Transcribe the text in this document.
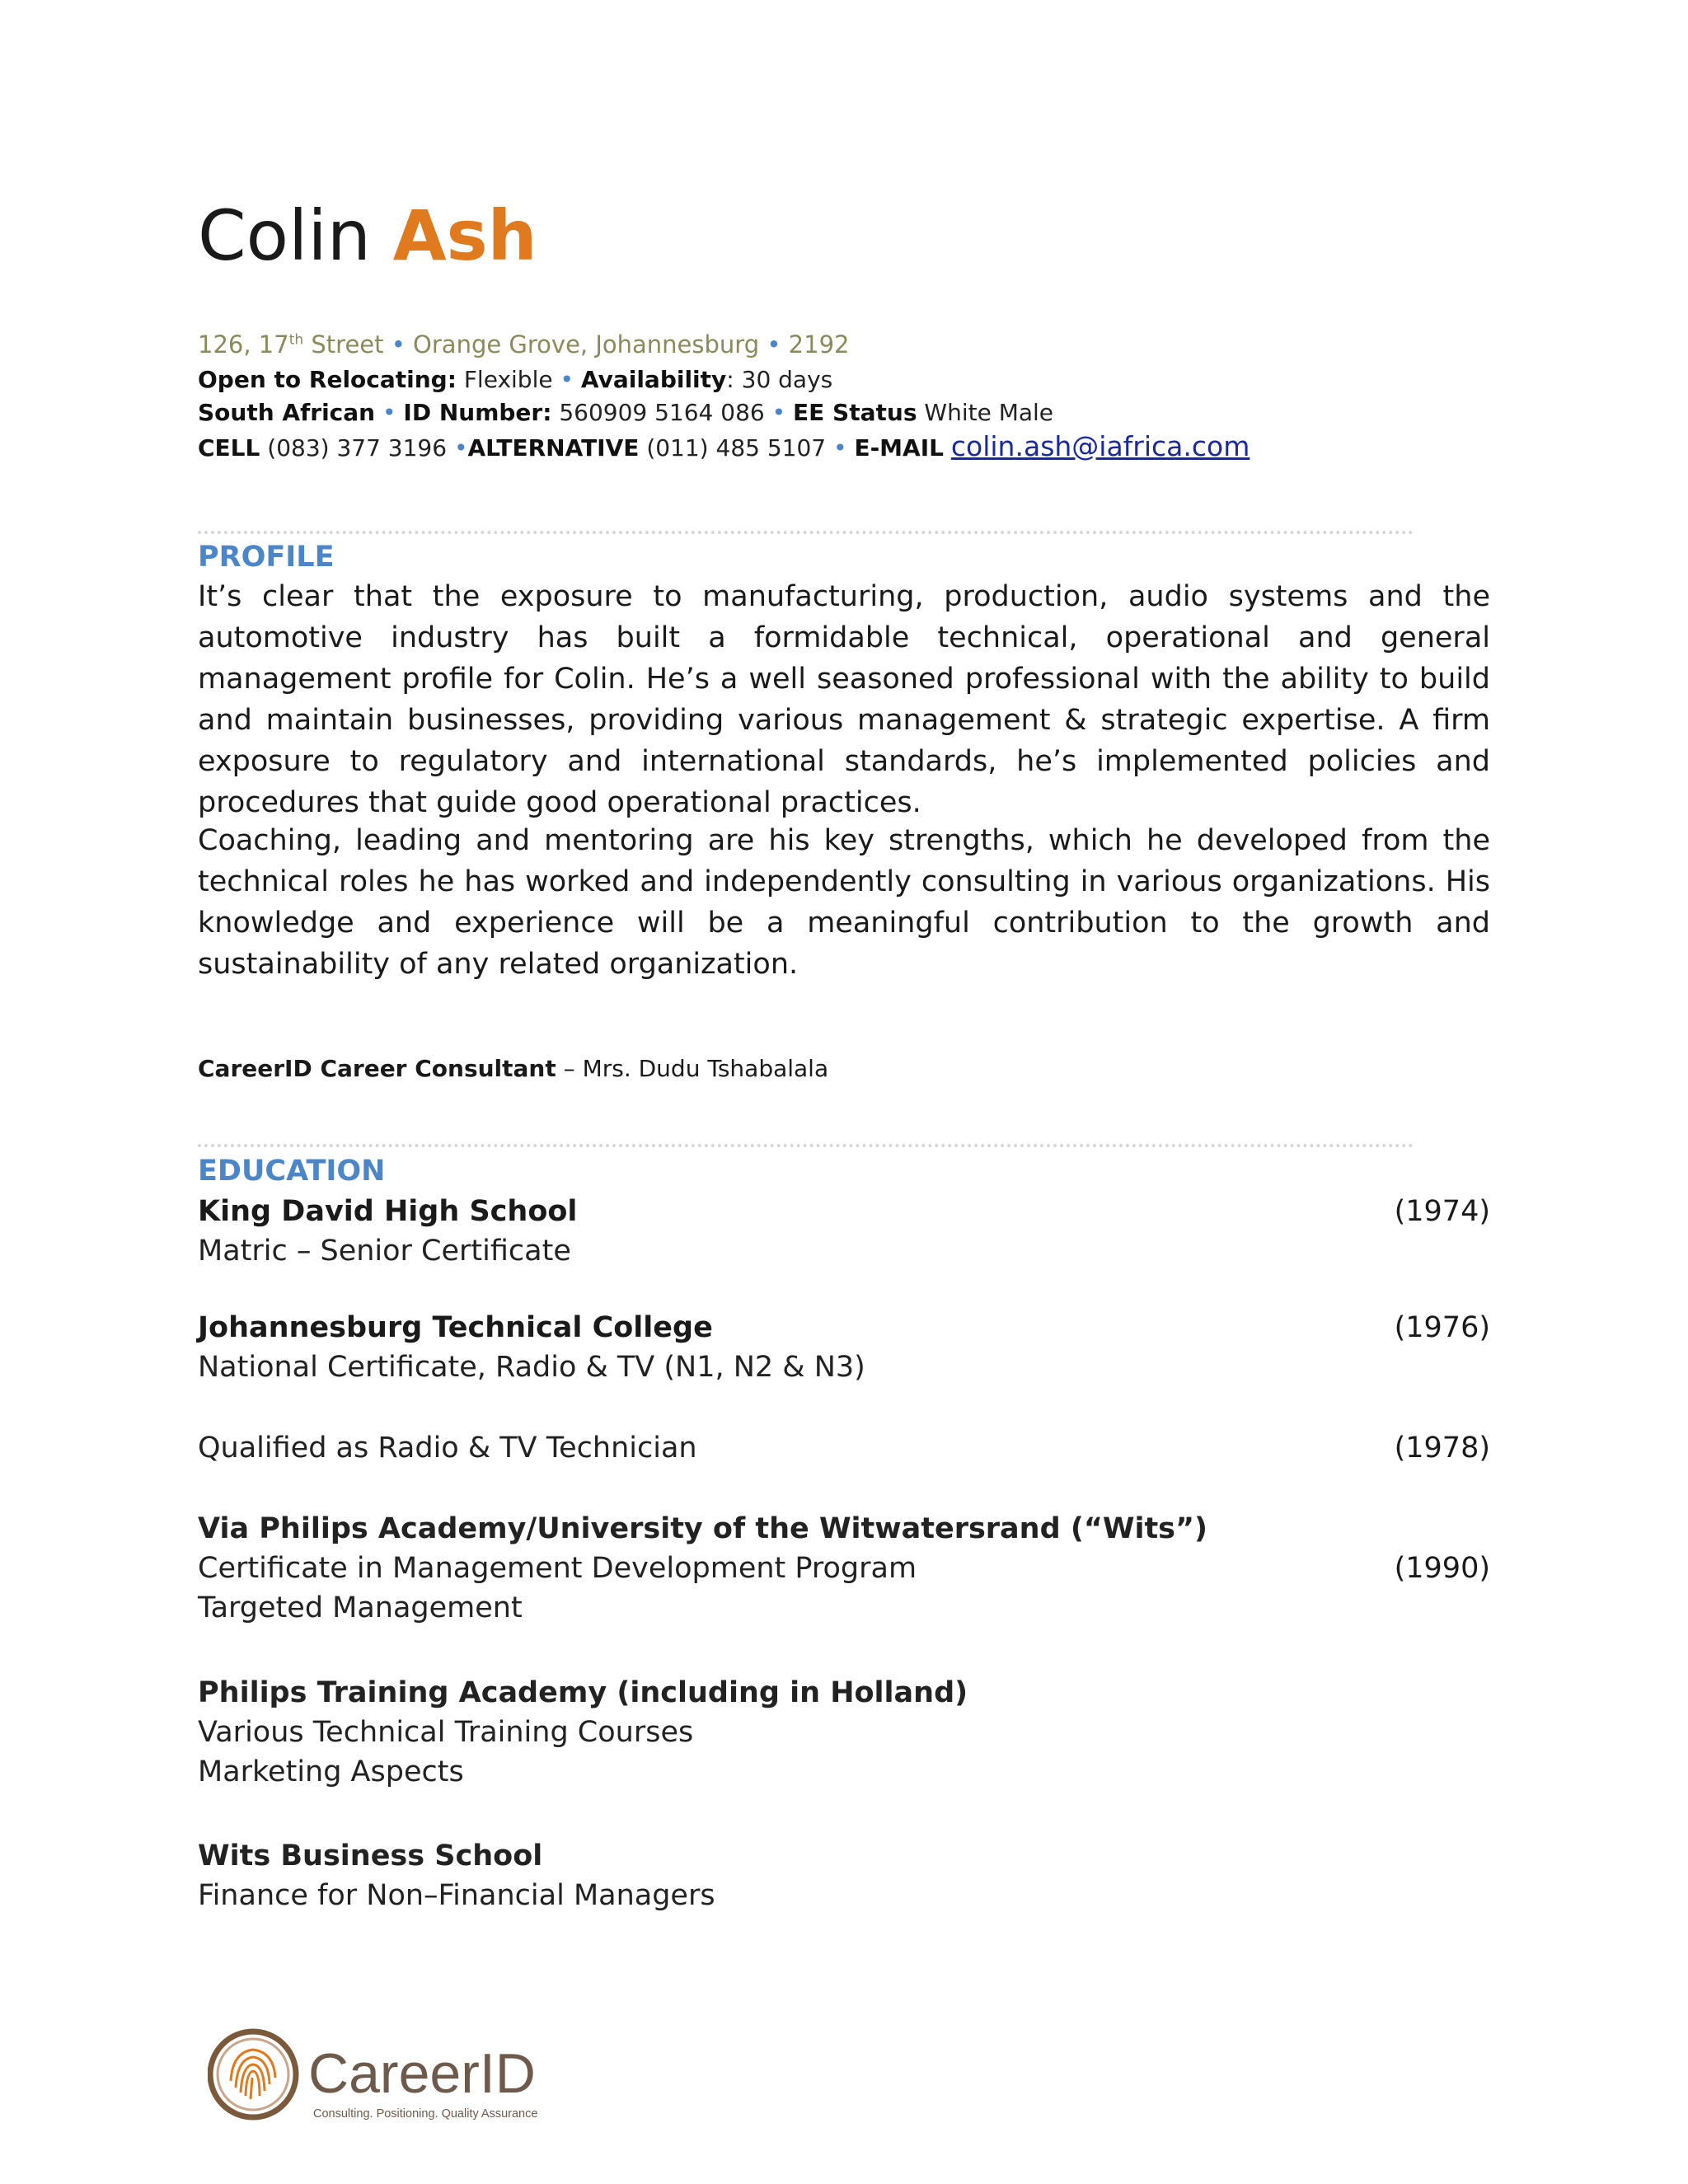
Colin Ash
126, 17th Street • Orange Grove, Johannesburg • 2192
Open to Relocating: Flexible • Availability: 30 days
South African • ID Number: 560909 5164 086 • EE Status White Male
CELL (083) 377 3196 •ALTERNATIVE (011) 485 5107 • E-MAIL colin.ash@iafrica.com
PROFILE
It’s clear that the exposure to manufacturing, production, audio systems and the automotive industry has built a formidable technical, operational and general management profile for Colin. He’s a well seasoned professional with the ability to build and maintain businesses, providing various management & strategic expertise. A firm exposure to regulatory and international standards, he’s implemented policies and procedures that guide good operational practices.
Coaching, leading and mentoring are his key strengths, which he developed from the technical roles he has worked and independently consulting in various organizations. His knowledge and experience will be a meaningful contribution to the growth and sustainability of any related organization.
CareerID Career Consultant – Mrs. Dudu Tshabalala
EDUCATION
King David High School	(1974)
Matric – Senior Certificate
Johannesburg Technical College	(1976)
National Certificate, Radio & TV (N1, N2 & N3)
Qualified as Radio & TV Technician	(1978)
Via Philips Academy/University of the Witwatersrand (“Wits”)
Certificate in Management Development Program	(1990)
Targeted Management
Philips Training Academy (including in Holland)
Various Technical Training Courses
Marketing Aspects
Wits Business School
Finance for Non–Financial Managers
CareerID
Consulting. Positioning. Quality Assurance
